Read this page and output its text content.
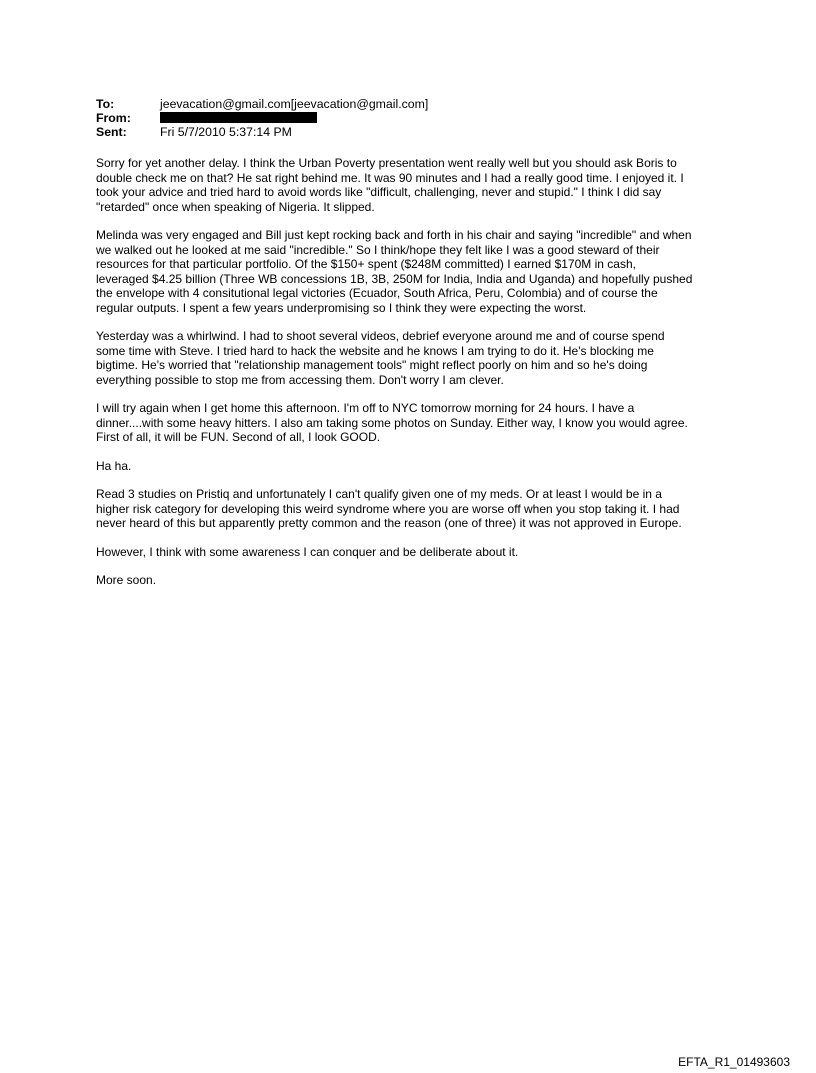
To:	jeevacation@gmail.com[jeevacation@gmail.com]
From:
Sent:	Fri 5/7/2010 5:37:14 PM

Sorry for yet another delay. I think the Urban Poverty presentation went really well but you should ask Boris to
double check me on that? He sat right behind me. It was 90 minutes and I had a really good time. I enjoyed it. I
took your advice and tried hard to avoid words like "difficult, challenging, never and stupid." I think I did say
"retarded" once when speaking of Nigeria. It slipped.

Melinda was very engaged and Bill just kept rocking back and forth in his chair and saying "incredible" and when
we walked out he looked at me said "incredible." So I think/hope they felt like I was a good steward of their
resources for that particular portfolio. Of the $150+ spent ($248M committed) I earned $170M in cash,
leveraged $4.25 billion (Three WB concessions 1B, 3B, 250M for India, India and Uganda) and hopefully pushed
the envelope with 4 consitutional legal victories (Ecuador, South Africa, Peru, Colombia) and of course the
regular outputs. I spent a few years underpromising so I think they were expecting the worst.

Yesterday was a whirlwind. I had to shoot several videos, debrief everyone around me and of course spend
some time with Steve. I tried hard to hack the website and he knows I am trying to do it. He's blocking me
bigtime. He's worried that "relationship management tools" might reflect poorly on him and so he's doing
everything possible to stop me from accessing them. Don't worry I am clever.

I will try again when I get home this afternoon. I'm off to NYC tomorrow morning for 24 hours. I have a
dinner....with some heavy hitters. I also am taking some photos on Sunday. Either way, I know you would agree.
First of all, it will be FUN. Second of all, I look GOOD.

Ha ha.

Read 3 studies on Pristiq and unfortunately I can't qualify given one of my meds. Or at least I would be in a
higher risk category for developing this weird syndrome where you are worse off when you stop taking it. I had
never heard of this but apparently pretty common and the reason (one of three) it was not approved in Europe.

However, I think with some awareness I can conquer and be deliberate about it.

More soon.

EFTA_R1_01493603
